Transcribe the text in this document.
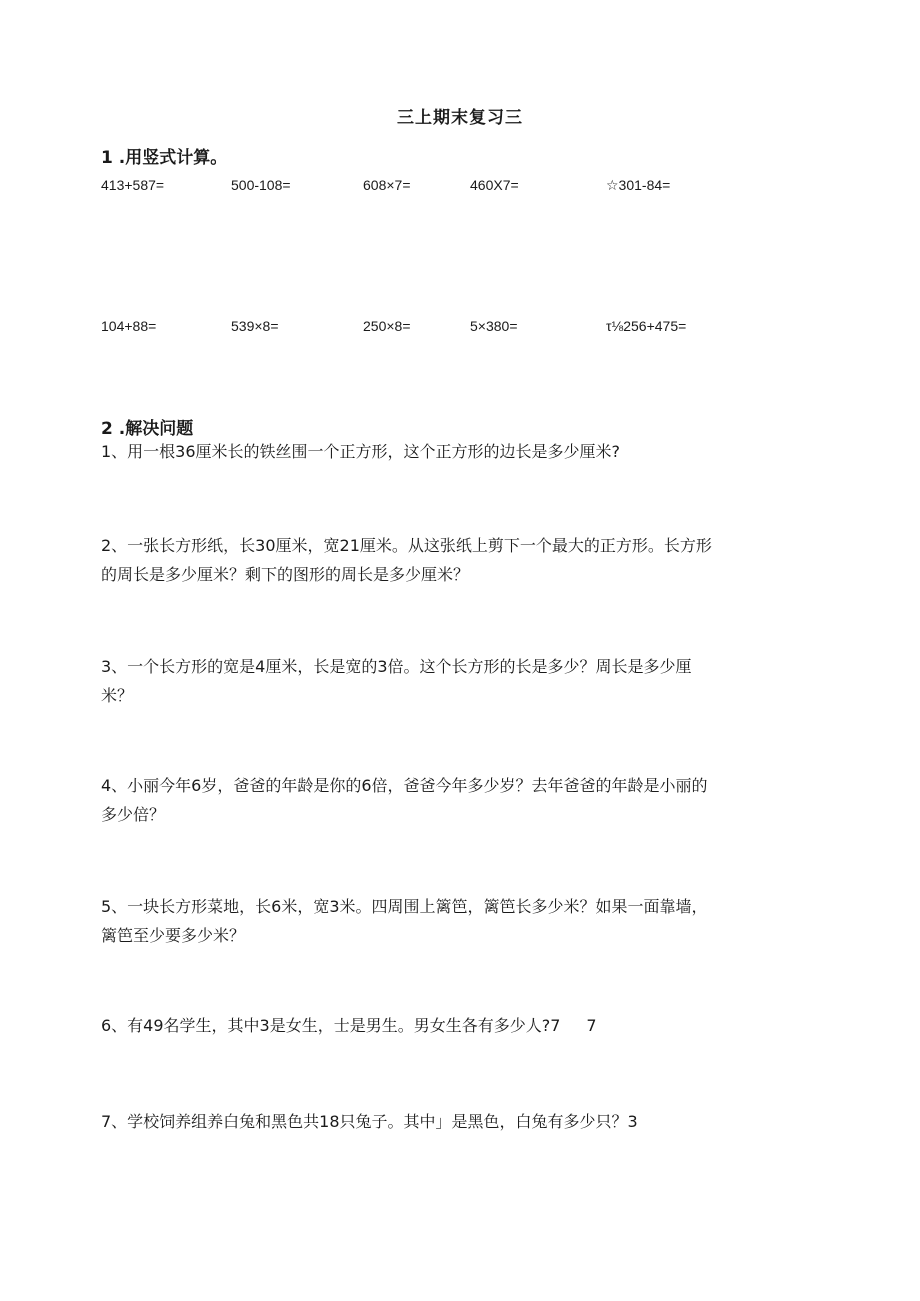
三上期末复习三
1 .用竖式计算。
413+587=	500-108=	608×7=	460X7=	☆301-84=
104+88=	539×8=	250×8=	5×380=	τ⅛256+475=
2 .解决问题
1、用一根36厘米长的铁丝围一个正方形，这个正方形的边长是多少厘米?
2、一张长方形纸，长30厘米，宽21厘米。从这张纸上剪下一个最大的正方形。长方形
的周长是多少厘米？剩下的图形的周长是多少厘米？
3、一个长方形的宽是4厘米，长是宽的3倍。这个长方形的长是多少？周长是多少厘
米？
4、小丽今年6岁，爸爸的年龄是你的6倍，爸爸今年多少岁？去年爸爸的年龄是小丽的
多少倍？
5、一块长方形菜地，长6米，宽3米。四周围上篱笆，篱笆长多少米？如果一面靠墙，
篱笆至少要多少米？
6、有49名学生，其中3是女生，士是男生。男女生各有多少人?7 7
7、学校饲养组养白兔和黑色共18只兔子。其中」是黑色，白兔有多少只？3
